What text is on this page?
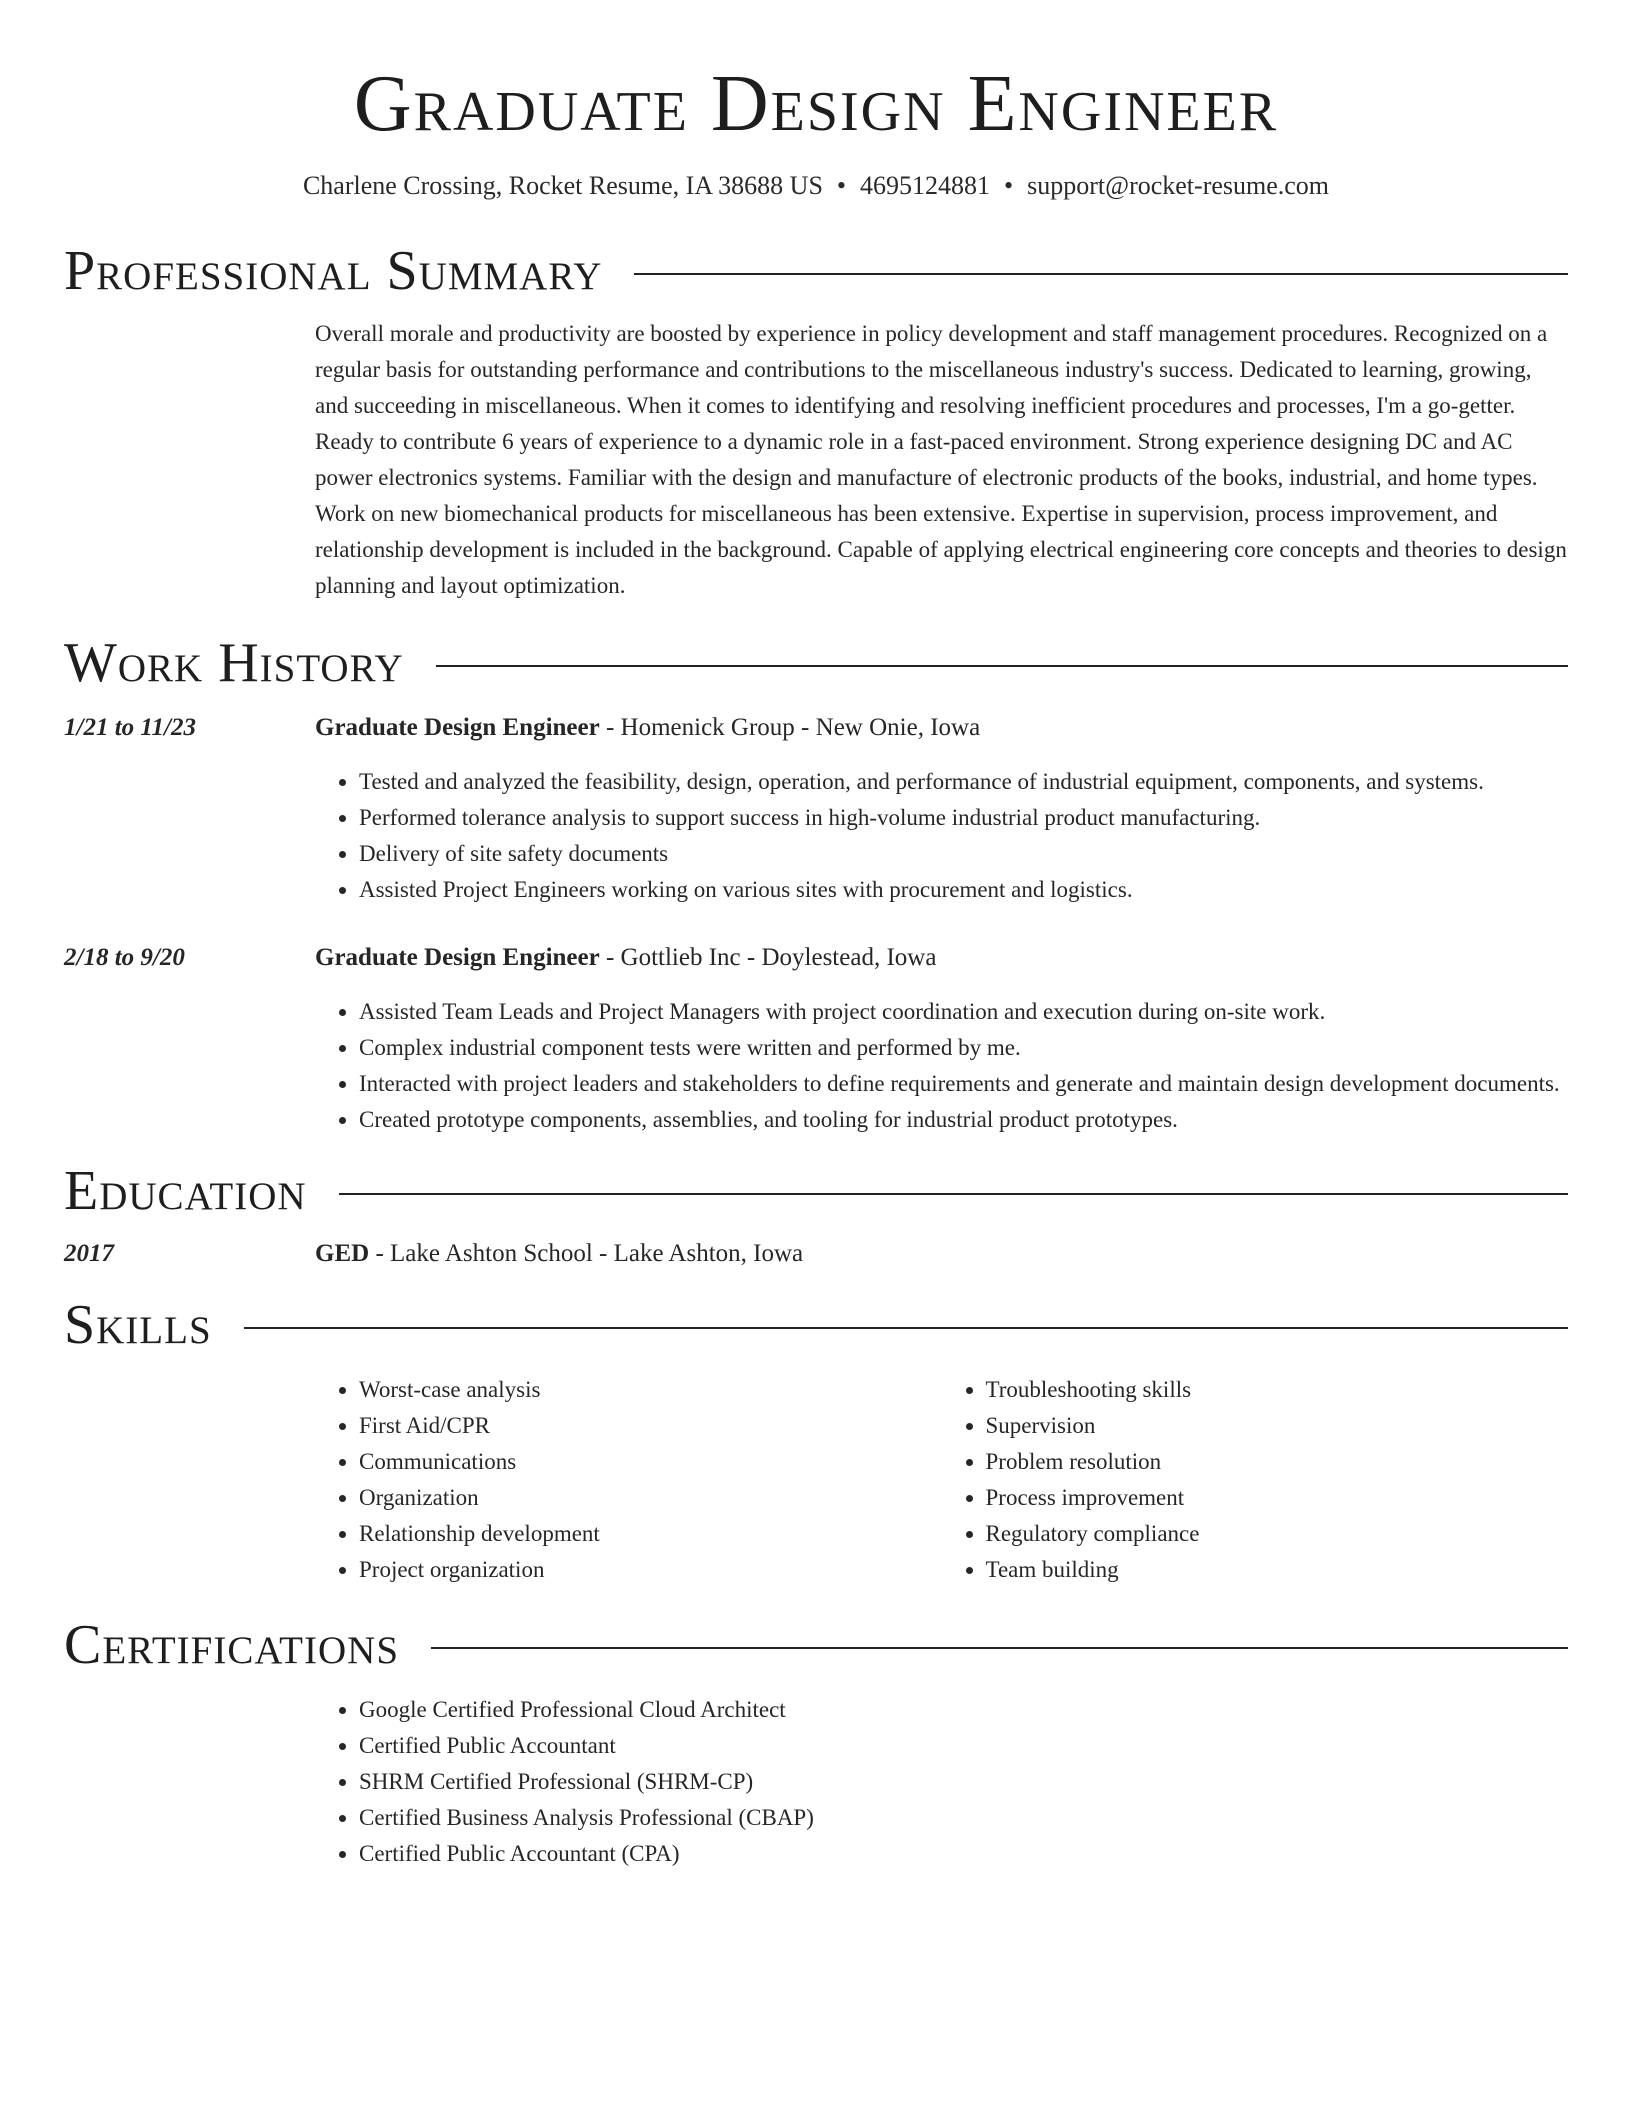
Graduate Design Engineer
Charlene Crossing, Rocket Resume, IA 38688 US • 4695124881 • support@rocket-resume.com
Professional Summary
Overall morale and productivity are boosted by experience in policy development and staff management procedures. Recognized on a regular basis for outstanding performance and contributions to the miscellaneous industry's success. Dedicated to learning, growing, and succeeding in miscellaneous. When it comes to identifying and resolving inefficient procedures and processes, I'm a go-getter. Ready to contribute 6 years of experience to a dynamic role in a fast-paced environment. Strong experience designing DC and AC power electronics systems. Familiar with the design and manufacture of electronic products of the books, industrial, and home types. Work on new biomechanical products for miscellaneous has been extensive. Expertise in supervision, process improvement, and relationship development is included in the background. Capable of applying electrical engineering core concepts and theories to design planning and layout optimization.
Work History
1/21 to 11/23	Graduate Design Engineer - Homenick Group - New Onie, Iowa
• Tested and analyzed the feasibility, design, operation, and performance of industrial equipment, components, and systems.
• Performed tolerance analysis to support success in high-volume industrial product manufacturing.
• Delivery of site safety documents
• Assisted Project Engineers working on various sites with procurement and logistics.
2/18 to 9/20	Graduate Design Engineer - Gottlieb Inc - Doylestead, Iowa
• Assisted Team Leads and Project Managers with project coordination and execution during on-site work.
• Complex industrial component tests were written and performed by me.
• Interacted with project leaders and stakeholders to define requirements and generate and maintain design development documents.
• Created prototype components, assemblies, and tooling for industrial product prototypes.
Education
2017	GED - Lake Ashton School - Lake Ashton, Iowa
Skills
• Worst-case analysis
• First Aid/CPR
• Communications
• Organization
• Relationship development
• Project organization
• Troubleshooting skills
• Supervision
• Problem resolution
• Process improvement
• Regulatory compliance
• Team building
Certifications
• Google Certified Professional Cloud Architect
• Certified Public Accountant
• SHRM Certified Professional (SHRM-CP)
• Certified Business Analysis Professional (CBAP)
• Certified Public Accountant (CPA)
